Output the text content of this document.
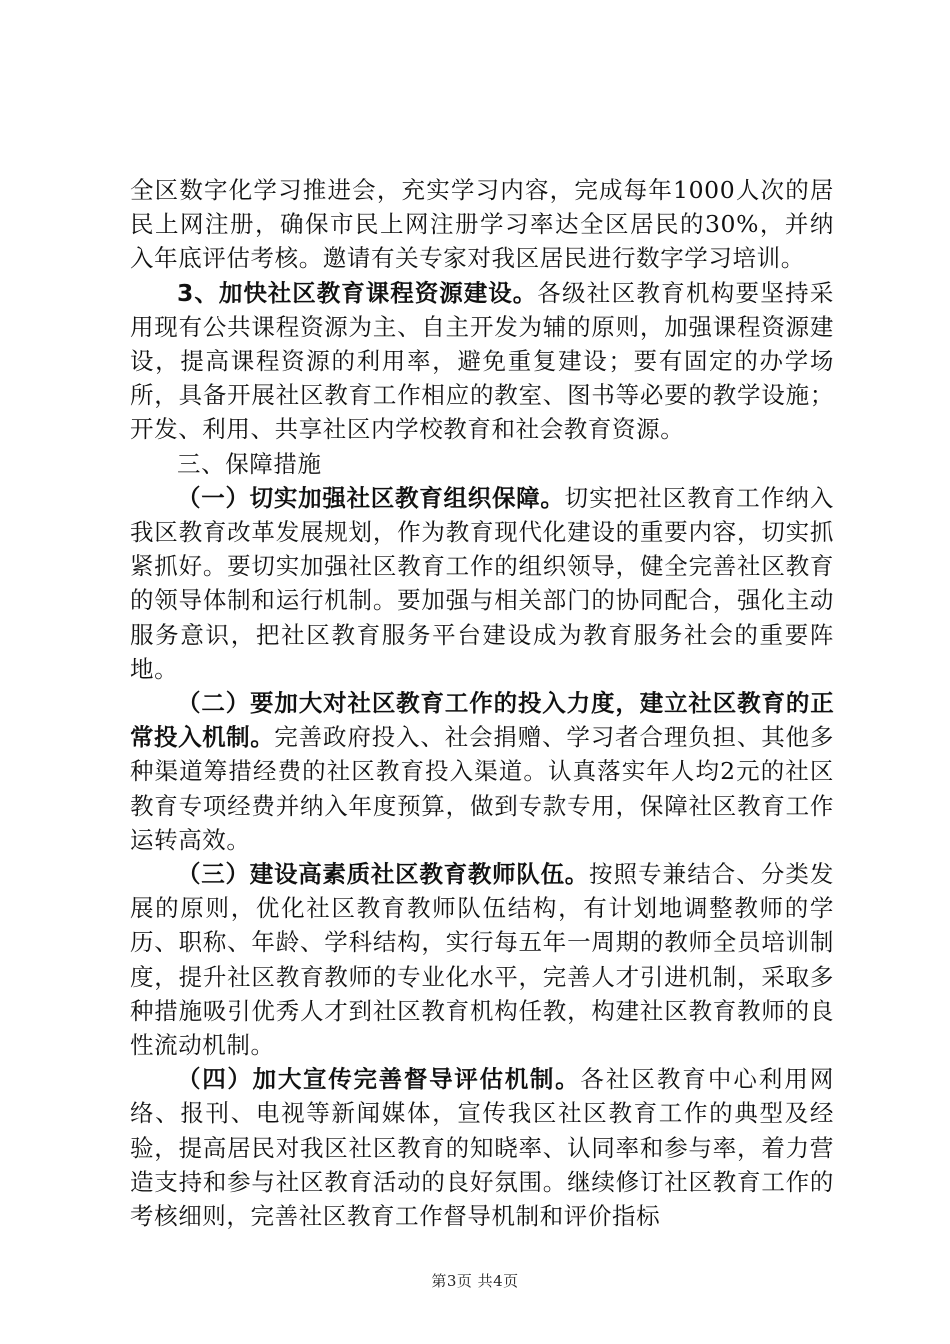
全区数字化学习推进会，充实学习内容，完成每年1000人次的居民上网注册，确保市民上网注册学习率达全区居民的30%，并纳入年底评估考核。邀请有关专家对我区居民进行数字学习培训。

3、加快社区教育课程资源建设。各级社区教育机构要坚持采用现有公共课程资源为主、自主开发为辅的原则，加强课程资源建设，提高课程资源的利用率，避免重复建设；要有固定的办学场所，具备开展社区教育工作相应的教室、图书等必要的教学设施；开发、利用、共享社区内学校教育和社会教育资源。

三、保障措施

（一）切实加强社区教育组织保障。切实把社区教育工作纳入我区教育改革发展规划，作为教育现代化建设的重要内容，切实抓紧抓好。要切实加强社区教育工作的组织领导，健全完善社区教育的领导体制和运行机制。要加强与相关部门的协同配合，强化主动服务意识，把社区教育服务平台建设成为教育服务社会的重要阵地。

（二）要加大对社区教育工作的投入力度，建立社区教育的正常投入机制。完善政府投入、社会捐赠、学习者合理负担、其他多种渠道筹措经费的社区教育投入渠道。认真落实年人均2元的社区教育专项经费并纳入年度预算，做到专款专用，保障社区教育工作运转高效。

（三）建设高素质社区教育教师队伍。按照专兼结合、分类发展的原则，优化社区教育教师队伍结构，有计划地调整教师的学历、职称、年龄、学科结构，实行每五年一周期的教师全员培训制度，提升社区教育教师的专业化水平，完善人才引进机制，采取多种措施吸引优秀人才到社区教育机构任教，构建社区教育教师的良性流动机制。

（四）加大宣传完善督导评估机制。各社区教育中心利用网络、报刊、电视等新闻媒体，宣传我区社区教育工作的典型及经验，提高居民对我区社区教育的知晓率、认同率和参与率，着力营造支持和参与社区教育活动的良好氛围。继续修订社区教育工作的考核细则，完善社区教育工作督导机制和评价指标

第3页 共4页
